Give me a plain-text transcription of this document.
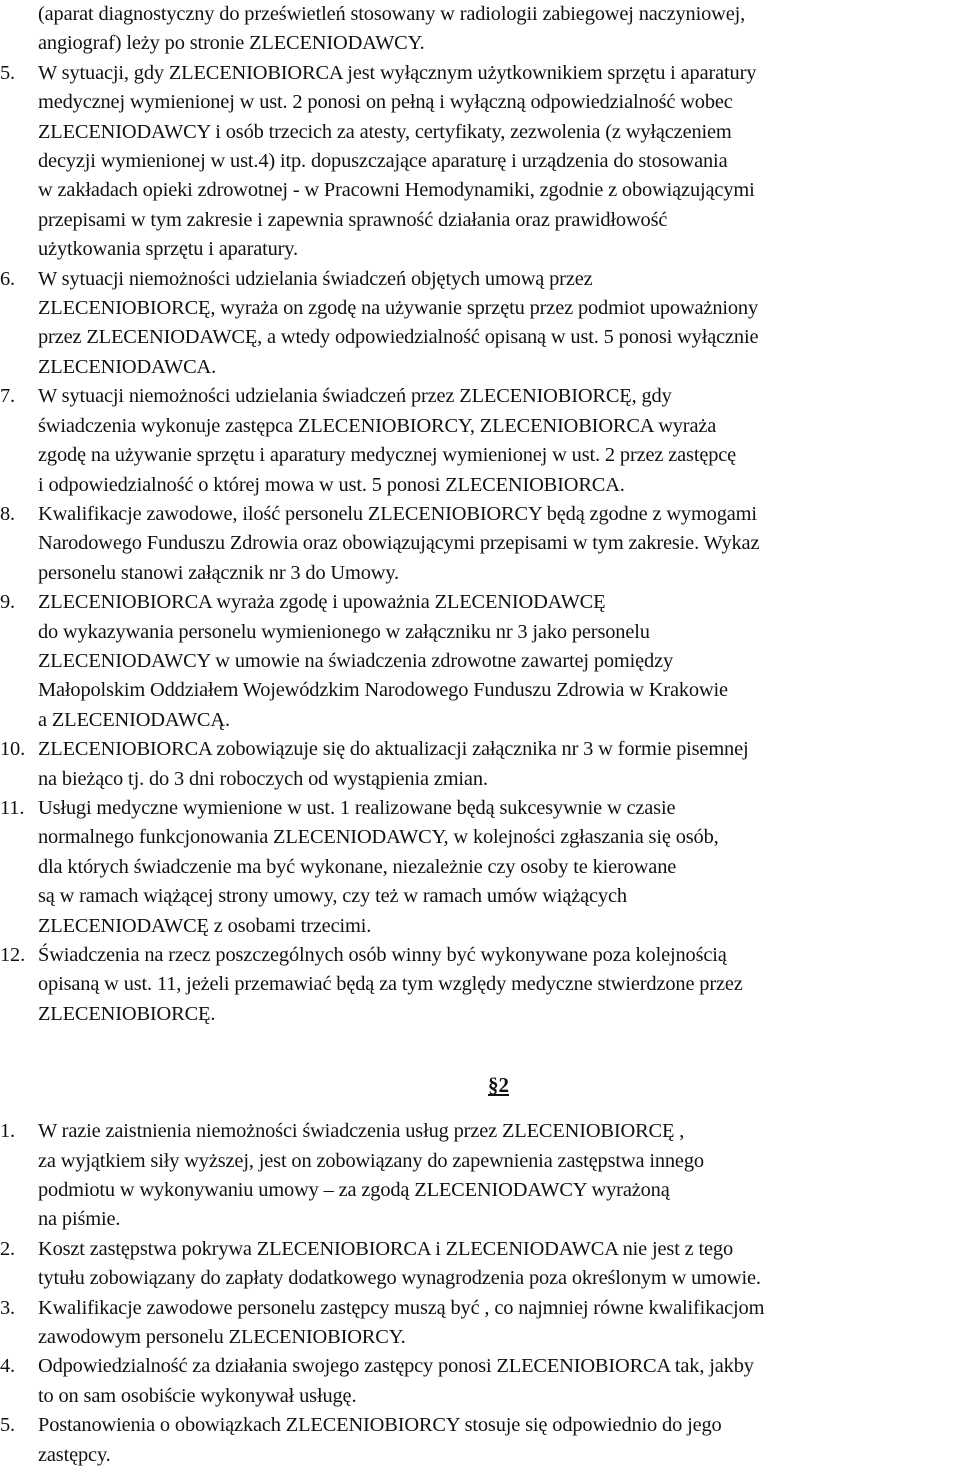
(aparat diagnostyczny do prześwietleń stosowany w radiologii zabiegowej naczyniowej,
angiograf) leży po stronie ZLECENIODAWCY.
5.	W sytuacji, gdy ZLECENIOBIORCA jest wyłącznym użytkownikiem sprzętu i aparatury
medycznej wymienionej w ust. 2 ponosi on pełną i wyłączną odpowiedzialność wobec
ZLECENIODAWCY i osób trzecich za atesty, certyfikaty, zezwolenia (z wyłączeniem
decyzji wymienionej w ust.4) itp. dopuszczające aparaturę i urządzenia do stosowania
w zakładach opieki zdrowotnej - w Pracowni Hemodynamiki, zgodnie z obowiązującymi
przepisami w tym zakresie i zapewnia sprawność działania oraz prawidłowość
użytkowania sprzętu i aparatury.
6.	W sytuacji niemożności udzielania świadczeń objętych umową przez
ZLECENIOBIORCĘ, wyraża on zgodę na używanie sprzętu przez podmiot upoważniony
przez ZLECENIODAWCĘ, a wtedy odpowiedzialność opisaną w ust. 5 ponosi wyłącznie
ZLECENIODAWCA.
7.	W sytuacji niemożności udzielania świadczeń przez ZLECENIOBIORCĘ, gdy
świadczenia wykonuje zastępca ZLECENIOBIORCY, ZLECENIOBIORCA wyraża
zgodę na używanie sprzętu i aparatury medycznej wymienionej w ust. 2 przez zastępcę
i odpowiedzialność o której mowa w ust. 5 ponosi ZLECENIOBIORCA.
8.	Kwalifikacje zawodowe, ilość personelu ZLECENIOBIORCY będą zgodne z wymogami
Narodowego Funduszu Zdrowia oraz obowiązującymi przepisami w tym zakresie. Wykaz
personelu stanowi załącznik nr 3 do Umowy.
9.	ZLECENIOBIORCA wyraża zgodę i upoważnia ZLECENIODAWCĘ
do wykazywania personelu wymienionego w załączniku nr 3 jako personelu
ZLECENIODAWCY w umowie na świadczenia zdrowotne zawartej pomiędzy
Małopolskim Oddziałem Wojewódzkim Narodowego Funduszu Zdrowia w Krakowie
a ZLECENIODAWCĄ.
10. ZLECENIOBIORCA zobowiązuje się do aktualizacji załącznika nr 3 w formie pisemnej
na bieżąco tj. do 3 dni roboczych od wystąpienia zmian.
11. Usługi medyczne wymienione w ust. 1 realizowane będą sukcesywnie w czasie
normalnego funkcjonowania ZLECENIODAWCY, w kolejności zgłaszania się osób,
dla których świadczenie ma być wykonane, niezależnie czy osoby te kierowane
są w ramach wiążącej strony umowy, czy też w ramach umów wiążących
ZLECENIODAWCĘ z osobami trzecimi.
12. Świadczenia na rzecz poszczególnych osób winny być wykonywane poza kolejnością
opisaną w ust. 11, jeżeli przemawiać będą za tym względy medyczne stwierdzone przez
ZLECENIOBIORCĘ.
§2
1.	W razie zaistnienia niemożności świadczenia usług przez ZLECENIOBIORCĘ ,
za wyjątkiem siły wyższej, jest on zobowiązany do zapewnienia zastępstwa innego
podmiotu w wykonywaniu umowy – za zgodą ZLECENIODAWCY wyrażoną
na piśmie.
2.	Koszt zastępstwa pokrywa ZLECENIOBIORCA i ZLECENIODAWCA nie jest z tego
tytułu zobowiązany do zapłaty dodatkowego wynagrodzenia poza określonym w umowie.
3.	Kwalifikacje zawodowe personelu zastępcy muszą być , co najmniej równe kwalifikacjom
zawodowym personelu ZLECENIOBIORCY.
4.	Odpowiedzialność za działania swojego zastępcy ponosi ZLECENIOBIORCA tak, jakby
to on sam osobiście wykonywał usługę.
5.	Postanowienia o obowiązkach ZLECENIOBIORCY stosuje się odpowiednio do jego
zastępcy.
